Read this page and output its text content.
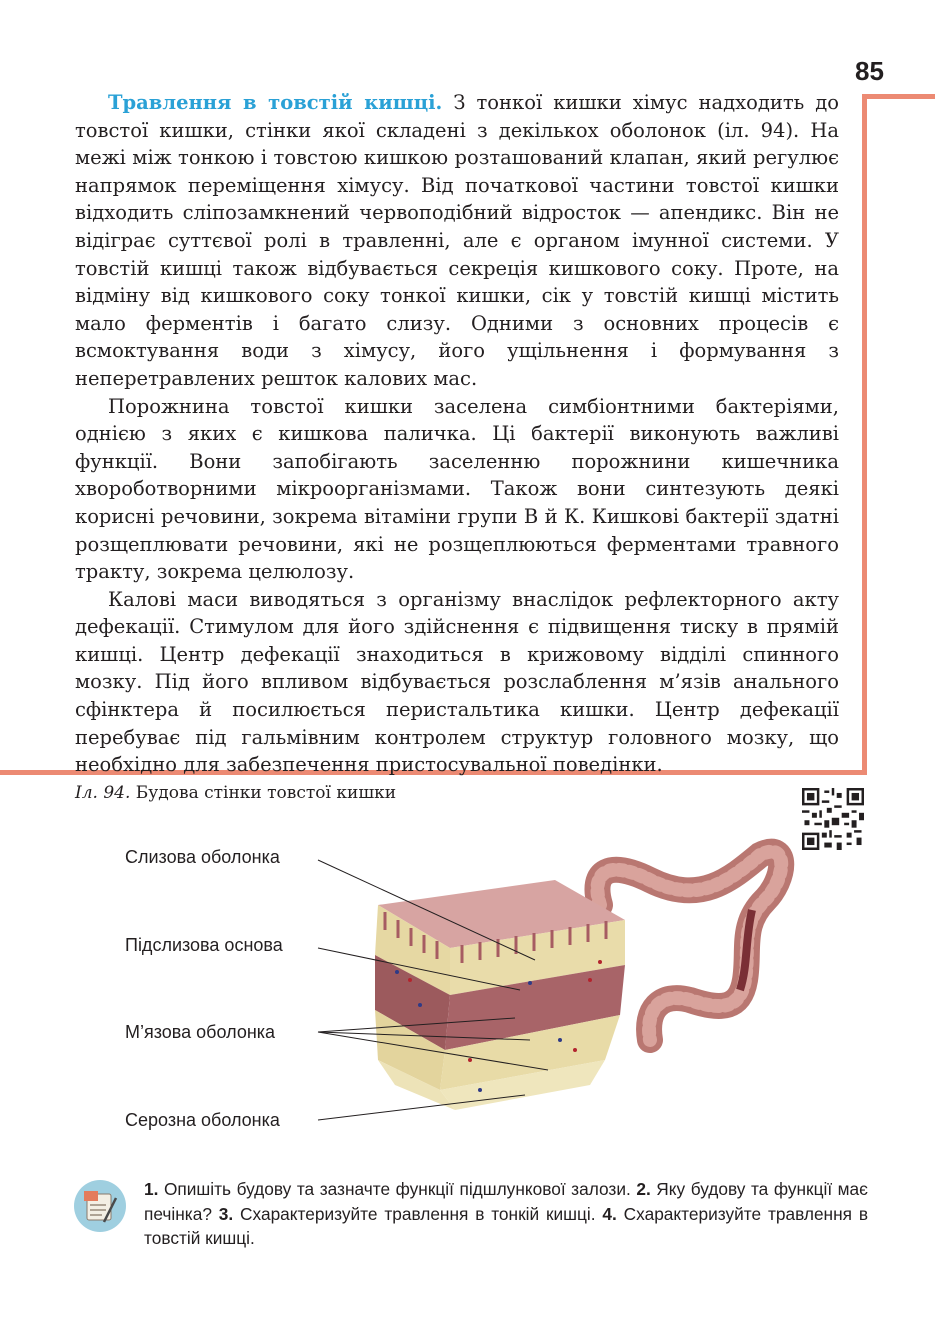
85

Травлення в товстій кишці. З тонкої кишки хімус надходить до товстої кишки, стінки якої складені з декількох оболонок (іл. 94). На межі між тонкою і товстою кишкою розташований клапан, який регулює напрямок переміщення хімусу. Від початкової частини товстої кишки відходить сліпозамкнений червоподібний відросток — апендикс. Він не відіграє суттєвої ролі в травленні, але є органом імунної системи. У товстій кишці також відбувається секреція кишкового соку. Проте, на відміну від кишкового соку тонкої кишки, сік у товстій кишці містить мало ферментів і багато слизу. Одними з основних процесів є всмоктування води з хімусу, його ущільнення і формування з неперетравлених решток калових мас.

Порожнина товстої кишки заселена симбіонтними бактеріями, однією з яких є кишкова паличка. Ці бактерії виконують важливі функції. Вони запобігають заселенню порожнини кишечника хвороботворними мікроорганізмами. Також вони синтезують деякі корисні речовини, зокрема вітаміни групи В й К. Кишкові бактерії здатні розщеплювати речовини, які не розщеплюються ферментами травного тракту, зокрема целюлозу.

Калові маси виводяться з організму внаслідок рефлекторного акту дефекації. Стимулом для його здійснення є підвищення тиску в прямій кишці. Центр дефекації знаходиться в крижовому відділі спинного мозку. Під його впливом відбувається розслаблення м’язів анального сфінктера й посилюється перистальтика кишки. Центр дефекації перебуває під гальмівним контролем структур головного мозку, що необхідно для забезпечення пристосувальної поведінки.

Іл. 94. Будова стінки товстої кишки
Слизова оболонка
Підслизова основа
М’язова оболонка
Серозна оболонка
1. Опишіть будову та зазначте функції підшлункової залози. 2. Яку будову та функції має печінка? 3. Схарактеризуйте травлення в тонкій кишці. 4. Схарактеризуйте травлення в товстій кишці.
